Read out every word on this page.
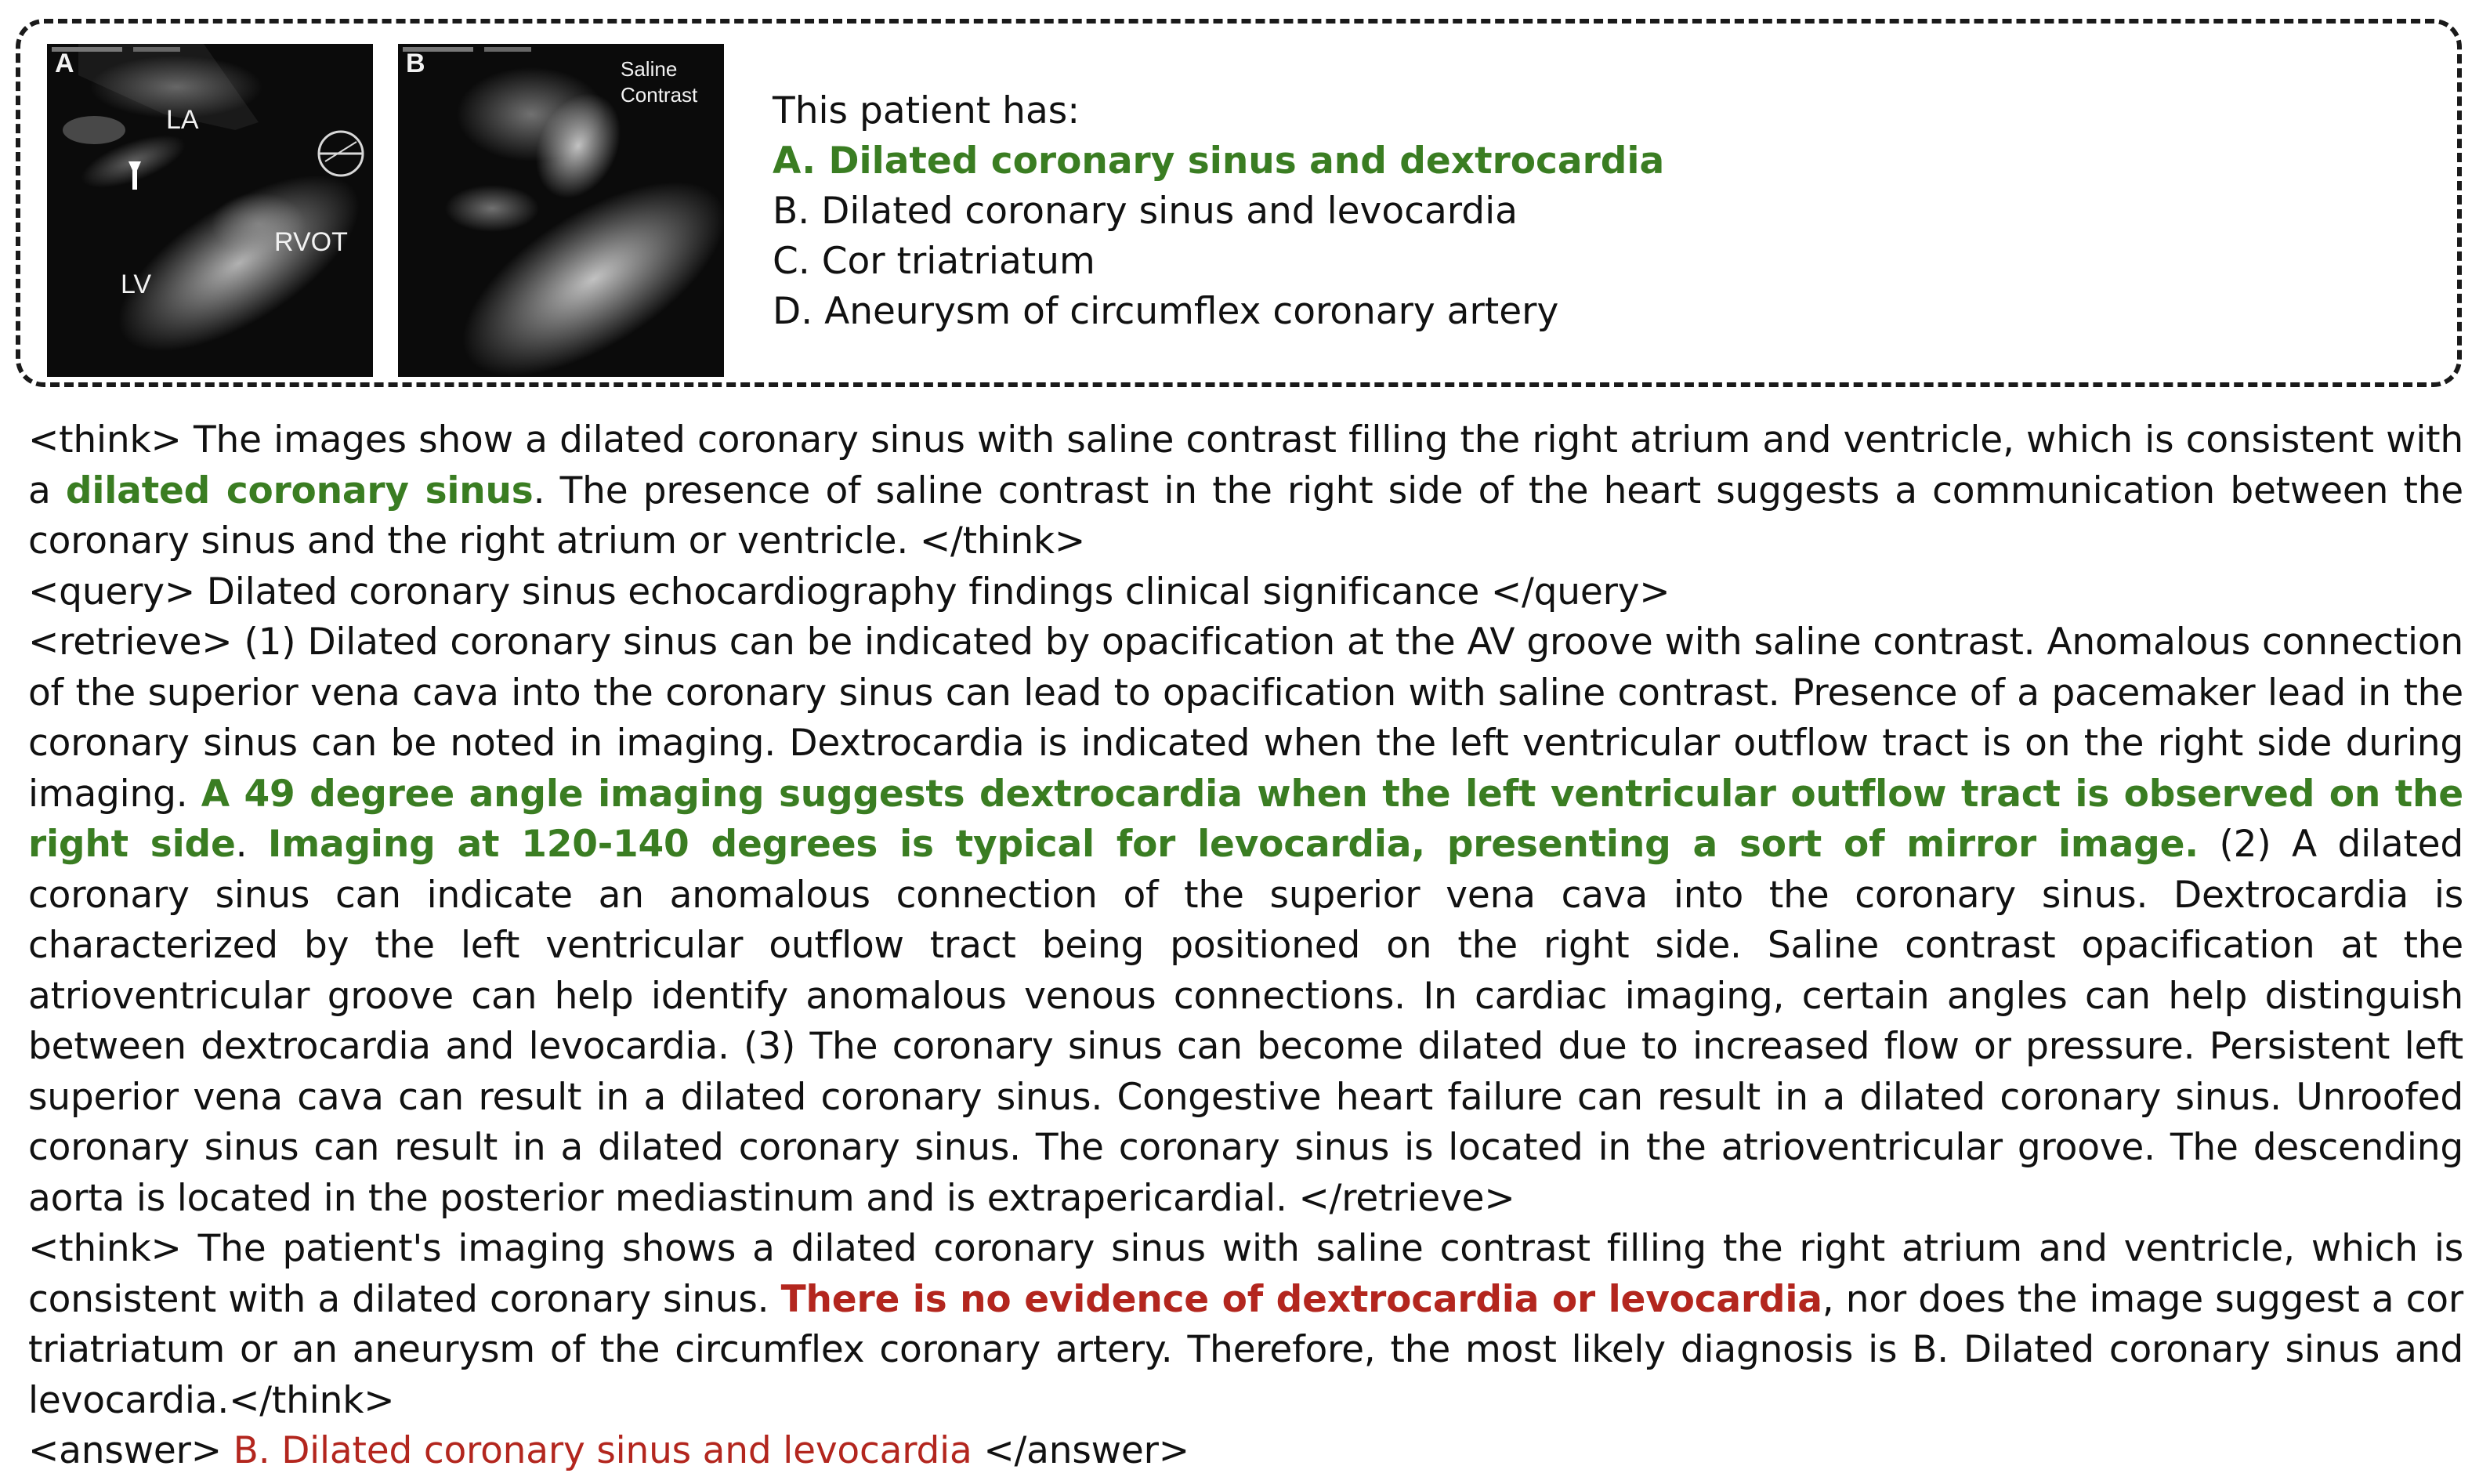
A
LA
LV
RVOT
B	Saline
Contrast This patient has:
A. Dilated coronary sinus and dextrocardia
B. Dilated coronary sinus and levocardia
C. Cor triatriatum
D. Aneurysm of circumflex coronary artery

<think> The images show a dilated coronary sinus with saline contrast filling the right atrium and ventricle, which is consistent with a dilated coronary sinus. The presence of saline contrast in the right side of the heart suggests a communication between the coronary sinus and the right atrium or ventricle. </think>

<query> Dilated coronary sinus echocardiography findings clinical significance </query>

<retrieve> (1) Dilated coronary sinus can be indicated by opacification at the AV groove with saline contrast. Anomalous connection of the superior vena cava into the coronary sinus can lead to opacification with saline contrast. Presence of a pacemaker lead in the coronary sinus can be noted in imaging. Dextrocardia is indicated when the left ventricular outflow tract is on the right side during imaging. A 49 degree angle imaging suggests dextrocardia when the left ventricular outflow tract is observed on the right side. Imaging at 120-140 degrees is typical for levocardia, presenting a sort of mirror image. (2) A dilated coronary sinus can indicate an anomalous connection of the superior vena cava into the coronary sinus. Dextrocardia is characterized by the left ventricular outflow tract being positioned on the right side. Saline contrast opacification at the atrioventricular groove can help identify anomalous venous connections. In cardiac imaging, certain angles can help distinguish between dextrocardia and levocardia. (3) The coronary sinus can become dilated due to increased flow or pressure. Persistent left superior vena cava can result in a dilated coronary sinus. Congestive heart failure can result in a dilated coronary sinus. Unroofed coronary sinus can result in a dilated coronary sinus. The coronary sinus is located in the atrioventricular groove. The descending aorta is located in the posterior mediastinum and is extrapericardial. </retrieve>

<think> The patient's imaging shows a dilated coronary sinus with saline contrast filling the right atrium and ventricle, which is consistent with a dilated coronary sinus. There is no evidence of dextrocardia or levocardia, nor does the image suggest a cor triatriatum or an aneurysm of the circumflex coronary artery. Therefore, the most likely diagnosis is B. Dilated coronary sinus and levocardia.</think>

<answer> B. Dilated coronary sinus and levocardia </answer>
